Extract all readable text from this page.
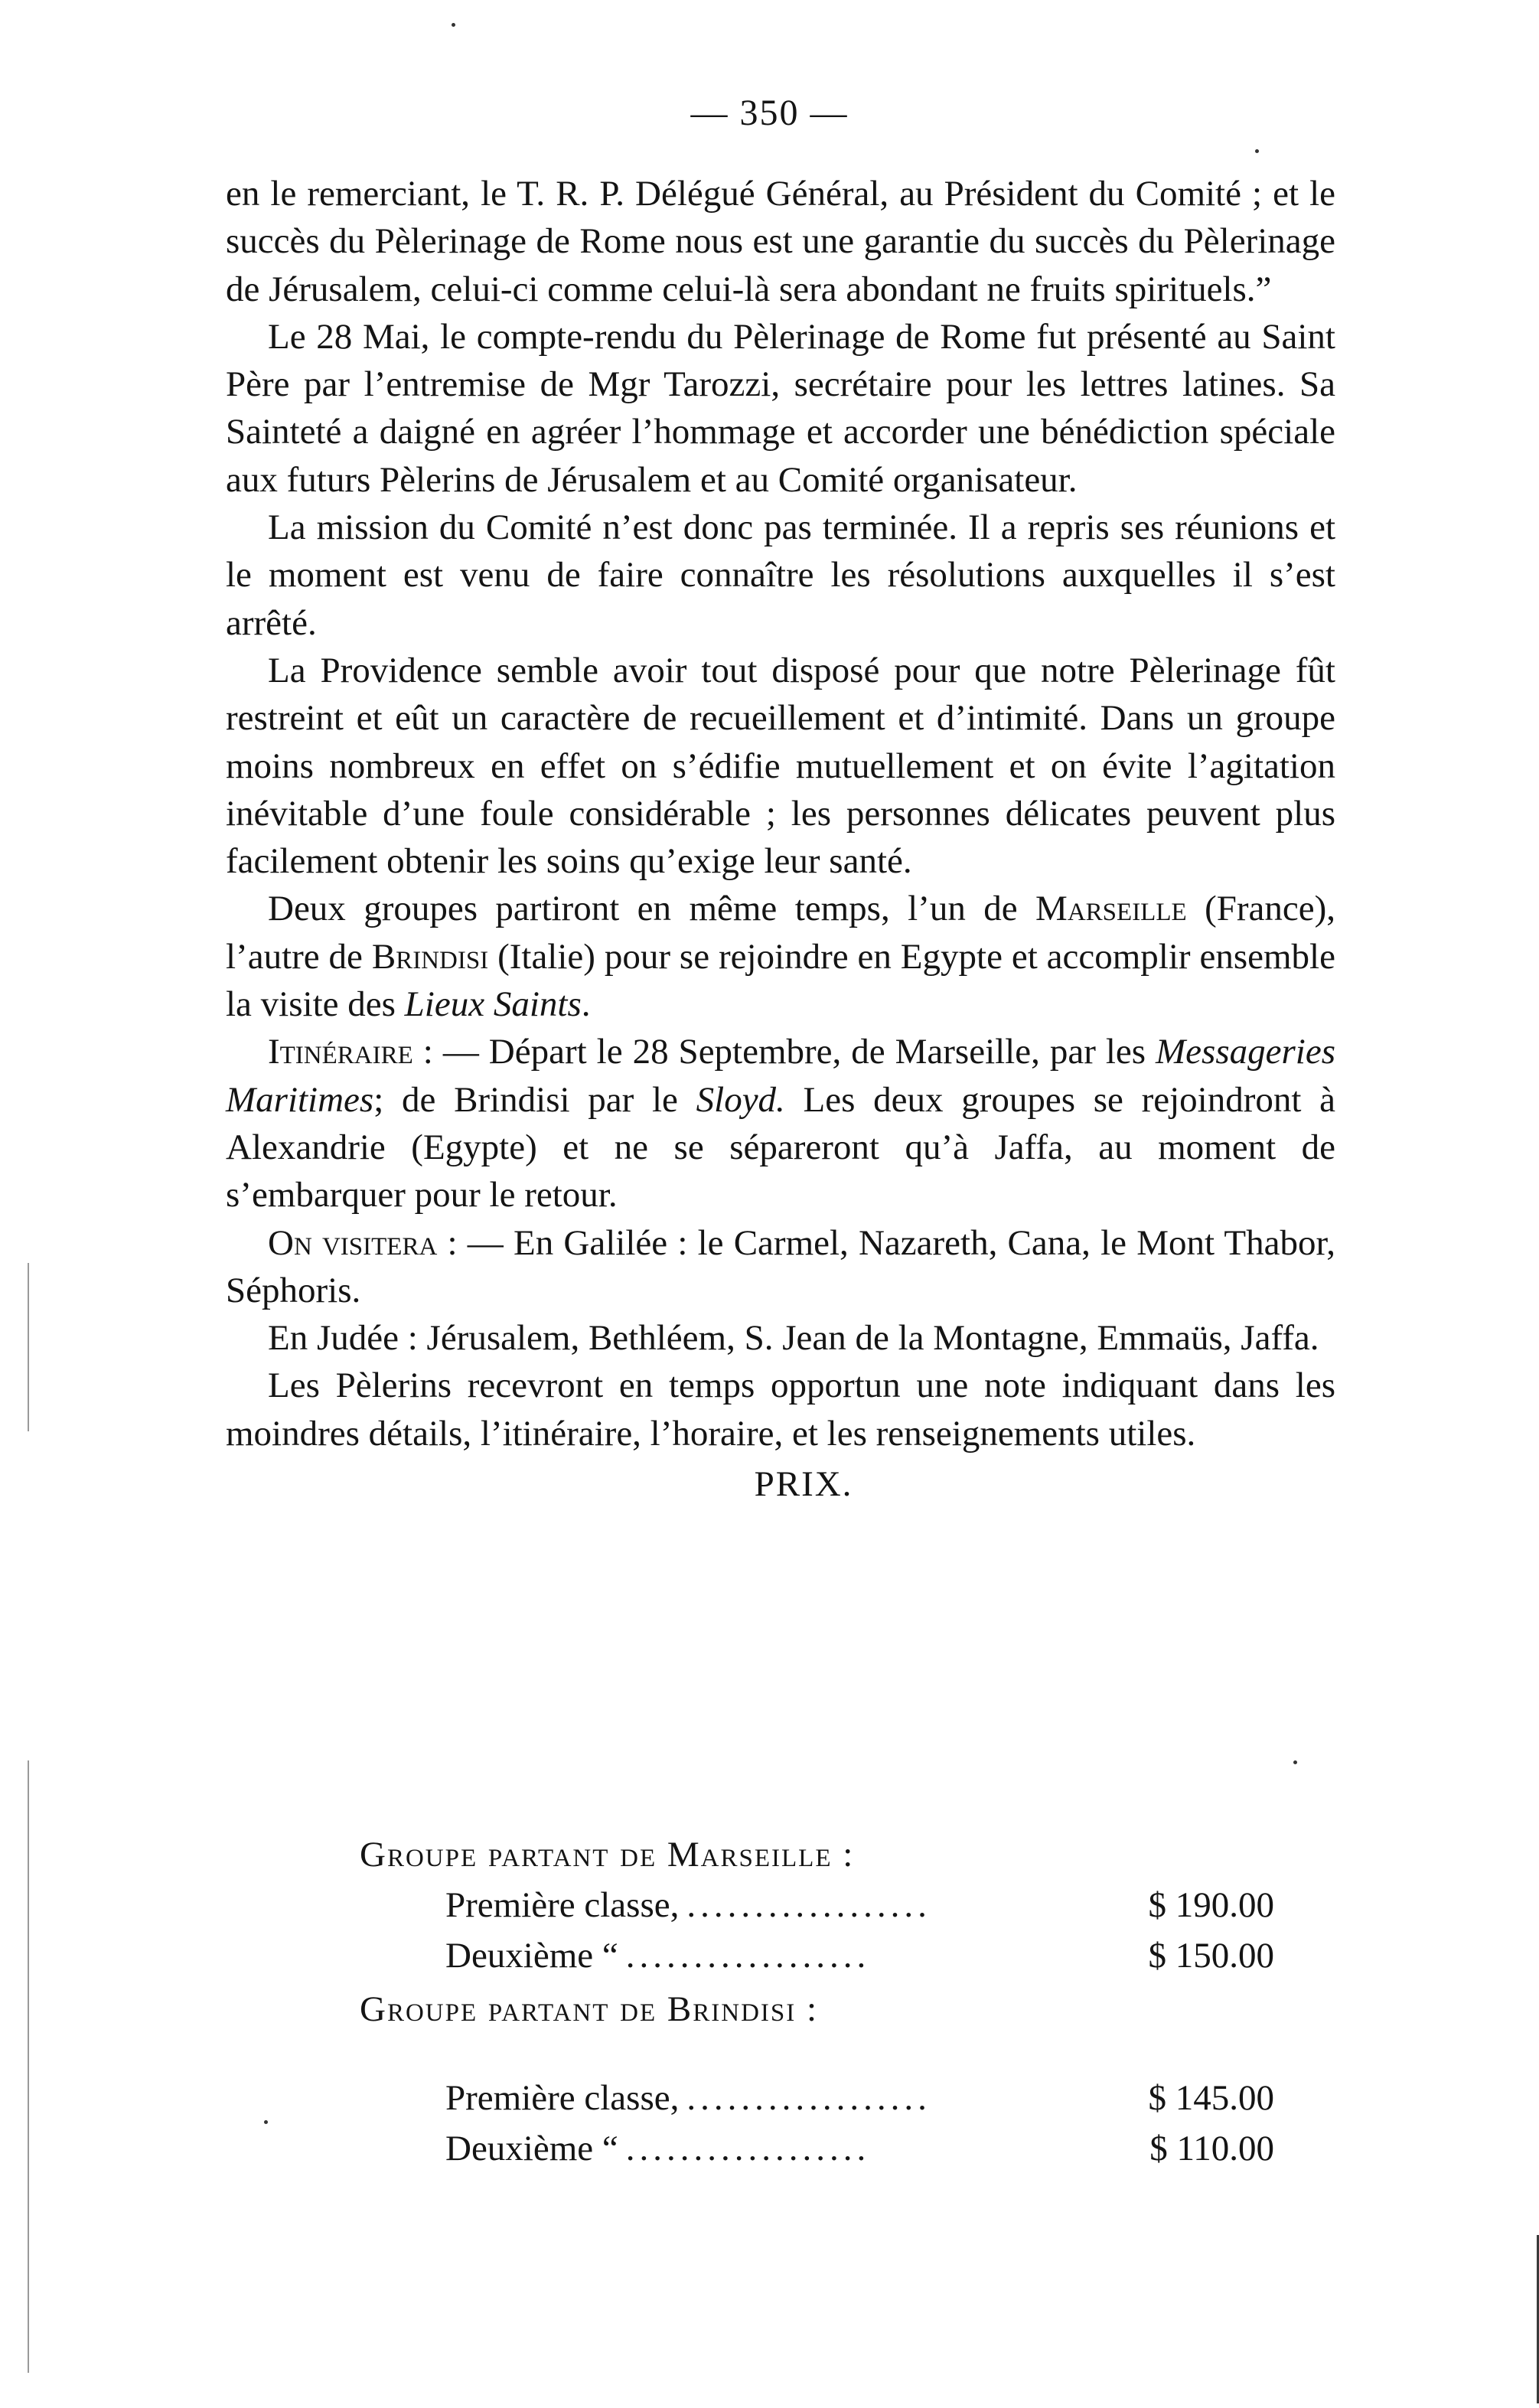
— 350 —

en le remerciant, le T. R. P. Délégué Général, au Président du Comité ; et le succès du Pèlerinage de Rome nous est une garantie du succès du Pèlerinage de Jérusalem, celui-ci comme celui-là sera abondant ne fruits spirituels.”

Le 28 Mai, le compte-rendu du Pèlerinage de Rome fut présenté au Saint Père par l’entremise de Mgr Tarozzi, secrétaire pour les lettres latines. Sa Sainteté a daigné en agréer l’hommage et accorder une bénédiction spéciale aux futurs Pèlerins de Jérusalem et au Comité organisateur.

La mission du Comité n’est donc pas terminée. Il a repris ses réunions et le moment est venu de faire connaître les résolutions auxquelles il s’est arrêté.

La Providence semble avoir tout disposé pour que notre Pèlerinage fût restreint et eût un caractère de recueillement et d’intimité. Dans un groupe moins nombreux en effet on s’édifie mutuellement et on évite l’agitation inévitable d’une foule considérable ; les personnes délicates peuvent plus facilement obtenir les soins qu’exige leur santé.

Deux groupes partiront en même temps, l’un de Marseille (France), l’autre de Brindisi (Italie) pour se rejoindre en Egypte et accomplir ensemble la visite des Lieux Saints.

Itinéraire : — Départ le 28 Septembre, de Marseille, par les Messageries Maritimes; de Brindisi par le Sloyd. Les deux groupes se rejoindront à Alexandrie (Egypte) et ne se sépareront qu’à Jaffa, au moment de s’embarquer pour le retour.

On visitera : — En Galilée : le Carmel, Nazareth, Cana, le Mont Thabor, Séphoris.

En Judée : Jérusalem, Bethléem, S. Jean de la Montagne, Emmaüs, Jaffa.

Les Pèlerins recevront en temps opportun une note indiquant dans les moindres détails, l’itinéraire, l’horaire, et les renseignements utiles.

PRIX.

Groupe partant de Marseille :

Première classe, ..................	$ 190.00
Deuxième “ ..................	$ 150.00

Groupe partant de Brindisi :

Première classe, ..................	$ 145.00
Deuxième “ ..................	$ 110.00
